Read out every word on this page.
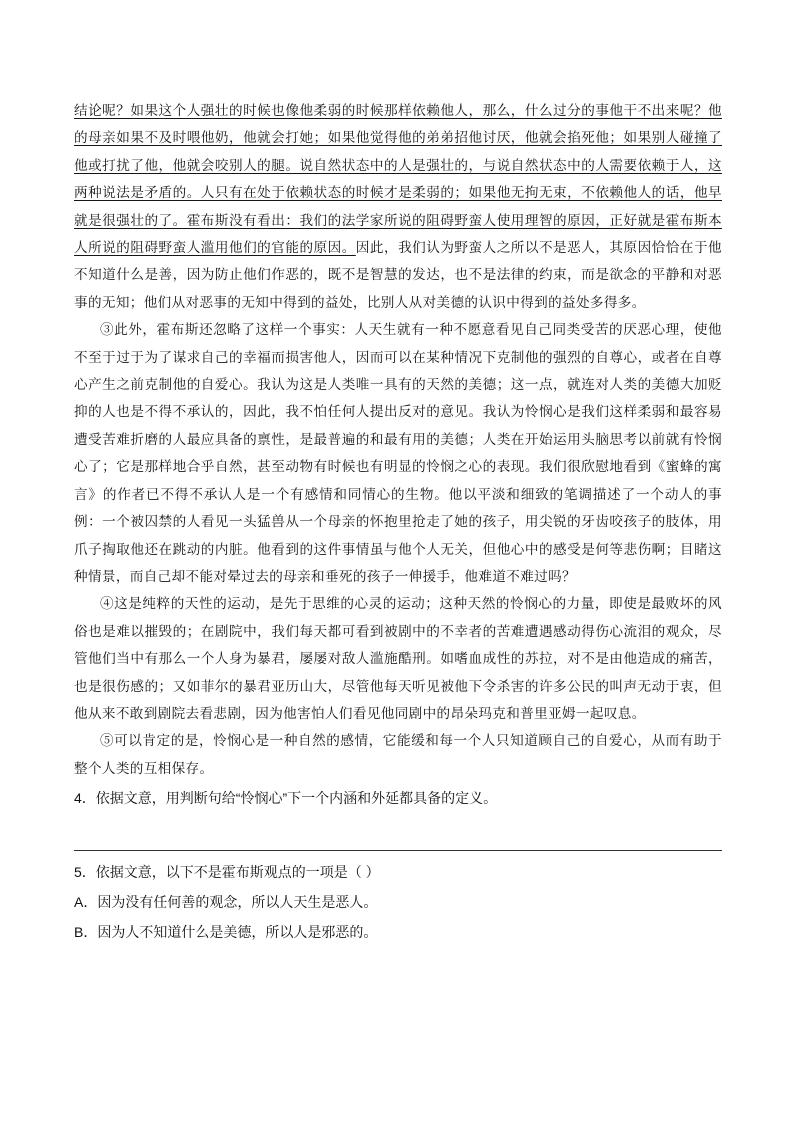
结论呢？如果这个人强壮的时候也像他柔弱的时候那样依赖他人，那么，什么过分的事他干不出来呢？他的母亲如果不及时喂他奶，他就会打她；如果他觉得他的弟弟招他讨厌，他就会掐死他；如果别人碰撞了他或打扰了他，他就会咬别人的腿。说自然状态中的人是强壮的，与说自然状态中的人需要依赖于人，这两种说法是矛盾的。人只有在处于依赖状态的时候才是柔弱的；如果他无拘无束，不依赖他人的话，他早就是很强壮的了。霍布斯没有看出：我们的法学家所说的阻碍野蛮人使用理智的原因，正好就是霍布斯本人所说的阻碍野蛮人滥用他们的官能的原因。因此，我们认为野蛮人之所以不是恶人，其原因恰恰在于他不知道什么是善，因为防止他们作恶的，既不是智慧的发达，也不是法律的约束，而是欲念的平静和对恶事的无知；他们从对恶事的无知中得到的益处，比别人从对美德的认识中得到的益处多得多。

③此外，霍布斯还忽略了这样一个事实：人天生就有一种不愿意看见自己同类受苦的厌恶心理，使他不至于过于为了谋求自己的幸福而损害他人，因而可以在某种情况下克制他的强烈的自尊心，或者在自尊心产生之前克制他的自爱心。我认为这是人类唯一具有的天然的美德；这一点，就连对人类的美德大加贬抑的人也是不得不承认的，因此，我不怕任何人提出反对的意见。我认为怜悯心是我们这样柔弱和最容易遭受苦难折磨的人最应具备的禀性，是最普遍的和最有用的美德；人类在开始运用头脑思考以前就有怜悯心了；它是那样地合乎自然，甚至动物有时候也有明显的怜悯之心的表现。我们很欣慰地看到《蜜蜂的寓言》的作者已不得不承认人是一个有感情和同情心的生物。他以平淡和细致的笔调描述了一个动人的事例：一个被囚禁的人看见一头猛兽从一个母亲的怀抱里抢走了她的孩子，用尖锐的牙齿咬孩子的肢体，用爪子掏取他还在跳动的内脏。他看到的这件事情虽与他个人无关，但他心中的感受是何等悲伤啊；目睹这种情景，而自己却不能对晕过去的母亲和垂死的孩子一伸援手，他难道不难过吗？

④这是纯粹的天性的运动，是先于思维的心灵的运动；这种天然的怜悯心的力量，即使是最败坏的风俗也是难以摧毁的；在剧院中，我们每天都可看到被剧中的不幸者的苦难遭遇感动得伤心流泪的观众，尽管他们当中有那么一个人身为暴君，屡屡对敌人滥施酷刑。如嗜血成性的苏拉，对不是由他造成的痛苦，也是很伤感的；又如菲尔的暴君亚历山大，尽管他每天听见被他下令杀害的许多公民的叫声无动于衷，但他从来不敢到剧院去看悲剧，因为他害怕人们看见他同剧中的昂朵玛克和普里亚姆一起叹息。

⑤可以肯定的是，怜悯心是一种自然的感情，它能缓和每一个人只知道顾自己的自爱心，从而有助于整个人类的互相保存。

4．依据文意，用判断句给“怜悯心”下一个内涵和外延都具备的定义。

5．依据文意，以下不是霍布斯观点的一项是（ ）

A．因为没有任何善的观念，所以人天生是恶人。

B．因为人不知道什么是美德，所以人是邪恶的。
